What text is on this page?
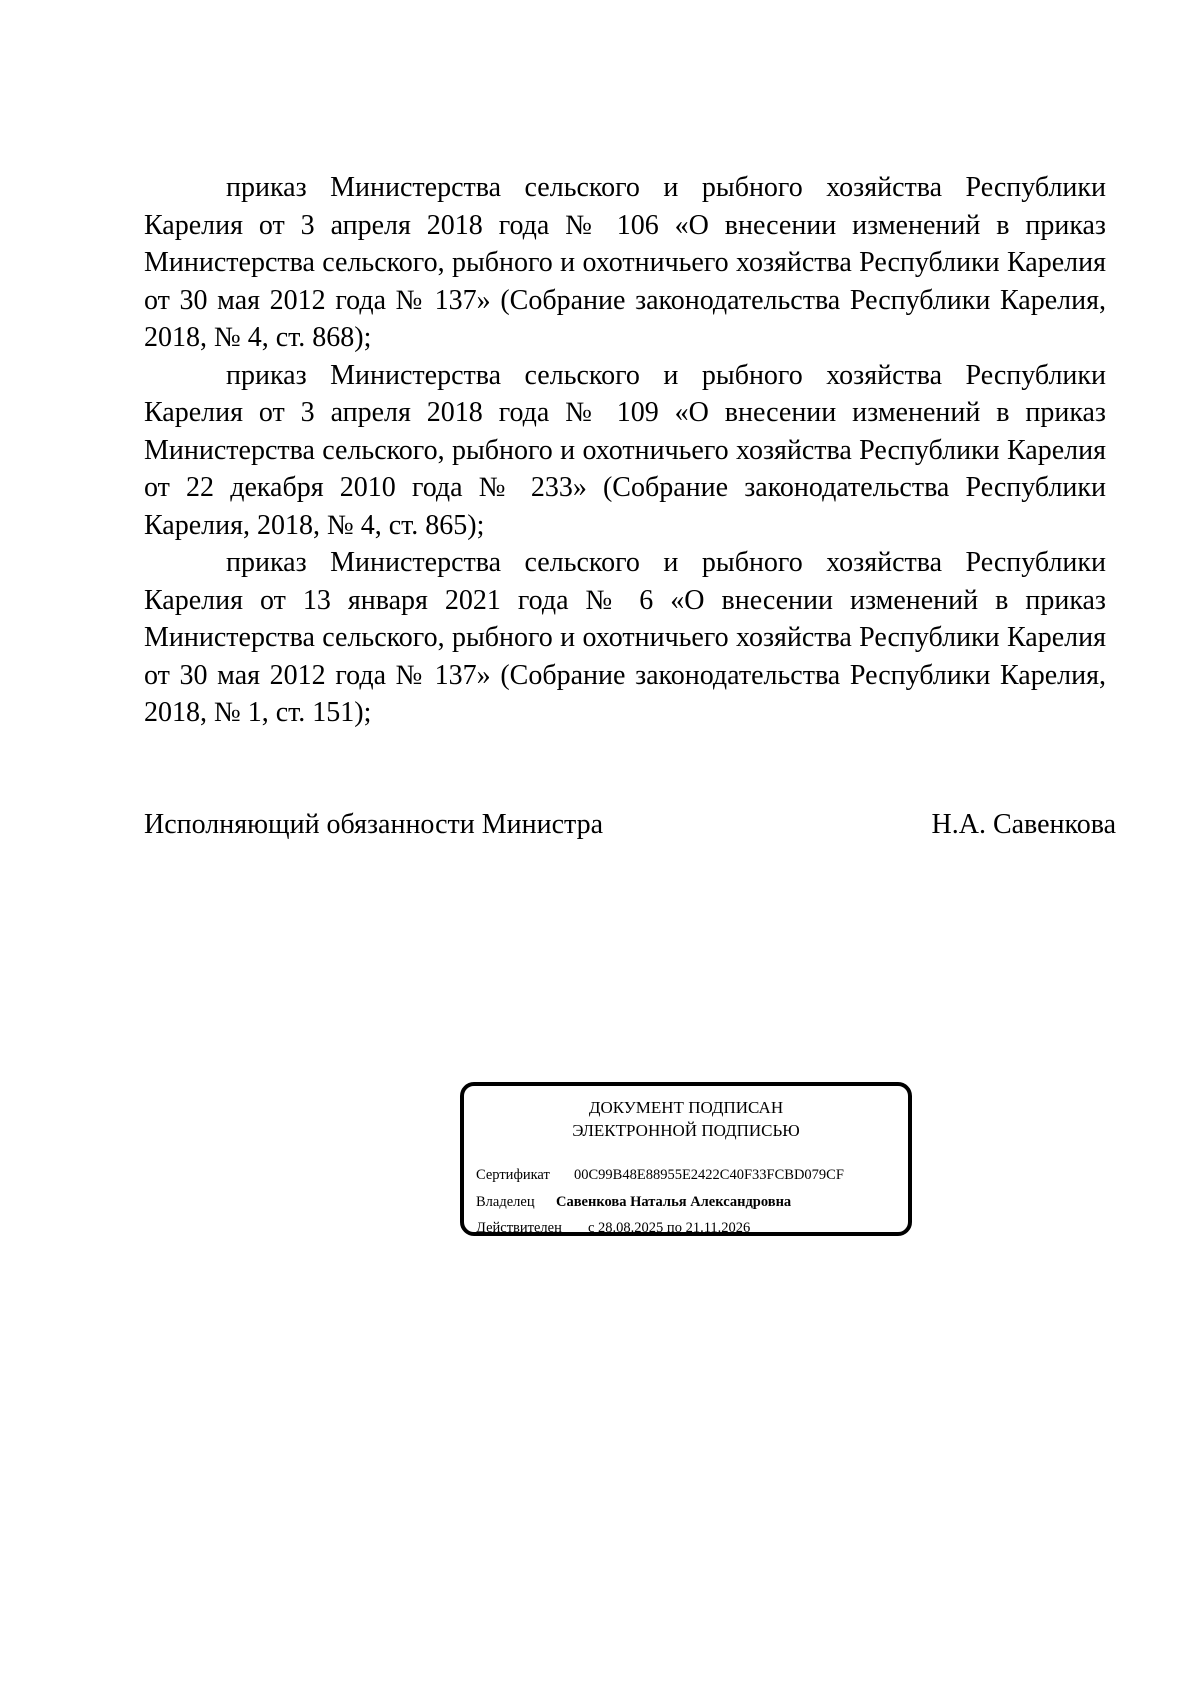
приказ Министерства сельского и рыбного хозяйства Республики Карелия от 3 апреля 2018 года № 106 «О внесении изменений в приказ Министерства сельского, рыбного и охотничьего хозяйства Республики Карелия от 30 мая 2012 года № 137» (Собрание законодательства Республики Карелия, 2018, № 4, ст. 868);

приказ Министерства сельского и рыбного хозяйства Республики Карелия от 3 апреля 2018 года № 109 «О внесении изменений в приказ Министерства сельского, рыбного и охотничьего хозяйства Республики Карелия от 22 декабря 2010 года № 233» (Собрание законодательства Республики Карелия, 2018, № 4, ст. 865);

приказ Министерства сельского и рыбного хозяйства Республики Карелия от 13 января 2021 года № 6 «О внесении изменений в приказ Министерства сельского, рыбного и охотничьего хозяйства Республики Карелия от 30 мая 2012 года № 137» (Собрание законодательства Республики Карелия, 2018, № 1, ст. 151);

Исполняющий обязанности Министра	Н.А. Савенкова
ДОКУМЕНТ ПОДПИСАН
ЭЛЕКТРОННОЙ ПОДПИСЬЮ
Сертификат 00C99B48E88955E2422C40F33FCBD079CF
Владелец Савенкова Наталья Александровна
Действителен с 28.08.2025 по 21.11.2026
